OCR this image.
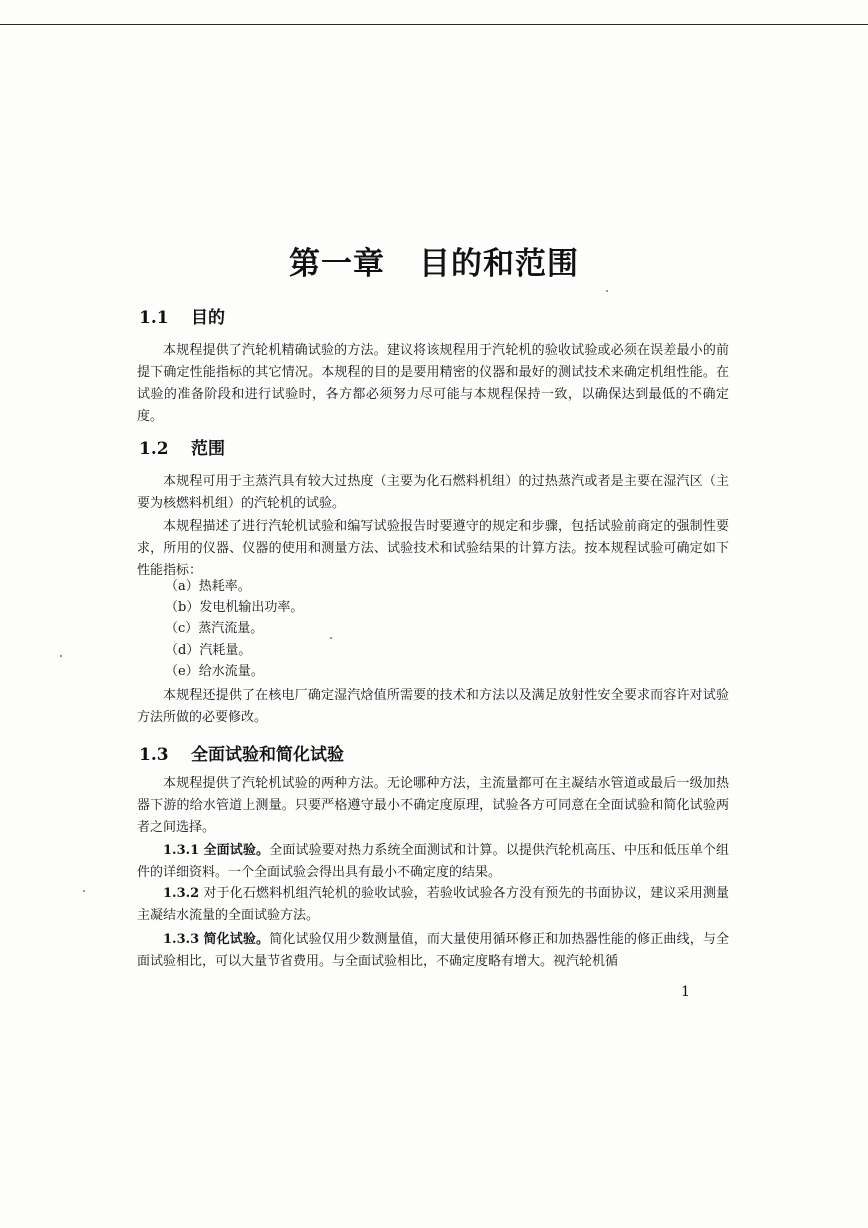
第一章 目的和范围
1.1 目的

本规程提供了汽轮机精确试验的方法。建议将该规程用于汽轮机的验收试验或必须在误差最小的前提下确定性能指标的其它情况。本规程的目的是要用精密的仪器和最好的测试技术来确定机组性能。在试验的准备阶段和进行试验时，各方都必须努力尽可能与本规程保持一致，以确保达到最低的不确定度。

1.2 范围

本规程可用于主蒸汽具有较大过热度（主要为化石燃料机组）的过热蒸汽或者是主要在湿汽区（主要为核燃料机组）的汽轮机的试验。

本规程描述了进行汽轮机试验和编写试验报告时要遵守的规定和步骤，包括试验前商定的强制性要求，所用的仪器、仪器的使用和测量方法、试验技术和试验结果的计算方法。按本规程试验可确定如下性能指标：

（a）热耗率。

（b）发电机输出功率。

（c）蒸汽流量。

（d）汽耗量。

（e）给水流量。

本规程还提供了在核电厂确定湿汽焓值所需要的技术和方法以及满足放射性安全要求而容许对试验方法所做的必要修改。

1.3 全面试验和简化试验

本规程提供了汽轮机试验的两种方法。无论哪种方法，主流量都可在主凝结水管道或最后一级加热器下游的给水管道上测量。只要严格遵守最小不确定度原理，试验各方可同意在全面试验和简化试验两者之间选择。

1.3.1 全面试验。全面试验要对热力系统全面测试和计算。以提供汽轮机高压、中压和低压单个组件的详细资料。一个全面试验会得出具有最小不确定度的结果。

1.3.2 对于化石燃料机组汽轮机的验收试验，若验收试验各方没有预先的书面协议，建议采用测量主凝结水流量的全面试验方法。

1.3.3 简化试验。简化试验仅用少数测量值，而大量使用循环修正和加热器性能的修正曲线，与全面试验相比，可以大量节省费用。与全面试验相比，不确定度略有增大。视汽轮机循

1
